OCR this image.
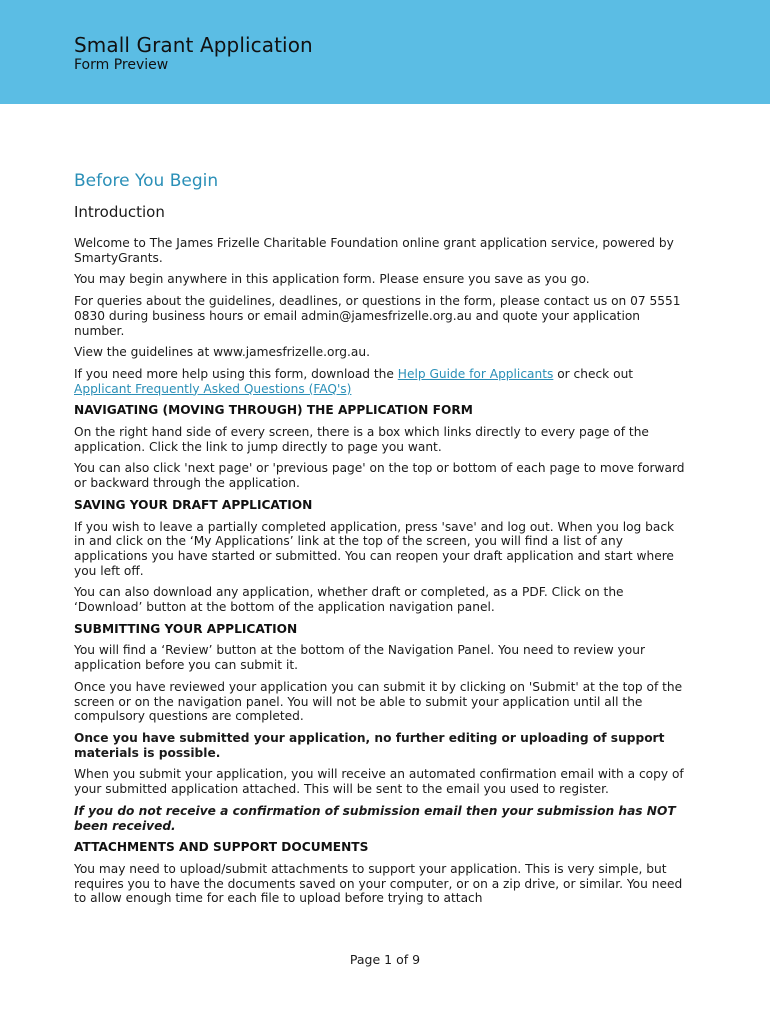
Small Grant Application
Form Preview
Before You Begin
Introduction

Welcome to The James Frizelle Charitable Foundation online grant application service, powered by SmartyGrants.

You may begin anywhere in this application form. Please ensure you save as you go.

For queries about the guidelines, deadlines, or questions in the form, please contact us on 07 5551 0830 during business hours or email admin@jamesfrizelle.org.au and quote your application number.

View the guidelines at www.jamesfrizelle.org.au.

If you need more help using this form, download the Help Guide for Applicants or check out Applicant Frequently Asked Questions (FAQ's)

NAVIGATING (MOVING THROUGH) THE APPLICATION FORM

On the right hand side of every screen, there is a box which links directly to every page of the application. Click the link to jump directly to page you want.

You can also click 'next page' or 'previous page' on the top or bottom of each page to move forward or backward through the application.

SAVING YOUR DRAFT APPLICATION

If you wish to leave a partially completed application, press 'save' and log out. When you log back in and click on the ‘My Applications’ link at the top of the screen, you will find a list of any applications you have started or submitted. You can reopen your draft application and start where you left off.

You can also download any application, whether draft or completed, as a PDF. Click on the ‘Download’ button at the bottom of the application navigation panel.

SUBMITTING YOUR APPLICATION

You will find a ‘Review’ button at the bottom of the Navigation Panel. You need to review your application before you can submit it.

Once you have reviewed your application you can submit it by clicking on 'Submit' at the top of the screen or on the navigation panel. You will not be able to submit your application until all the compulsory questions are completed.

Once you have submitted your application, no further editing or uploading of support materials is possible.

When you submit your application, you will receive an automated confirmation email with a copy of your submitted application attached. This will be sent to the email you used to register.

If you do not receive a confirmation of submission email then your submission has NOT been received.

ATTACHMENTS AND SUPPORT DOCUMENTS

You may need to upload/submit attachments to support your application. This is very simple, but requires you to have the documents saved on your computer, or on a zip drive, or similar. You need to allow enough time for each file to upload before trying to attach

Page 1 of 9
